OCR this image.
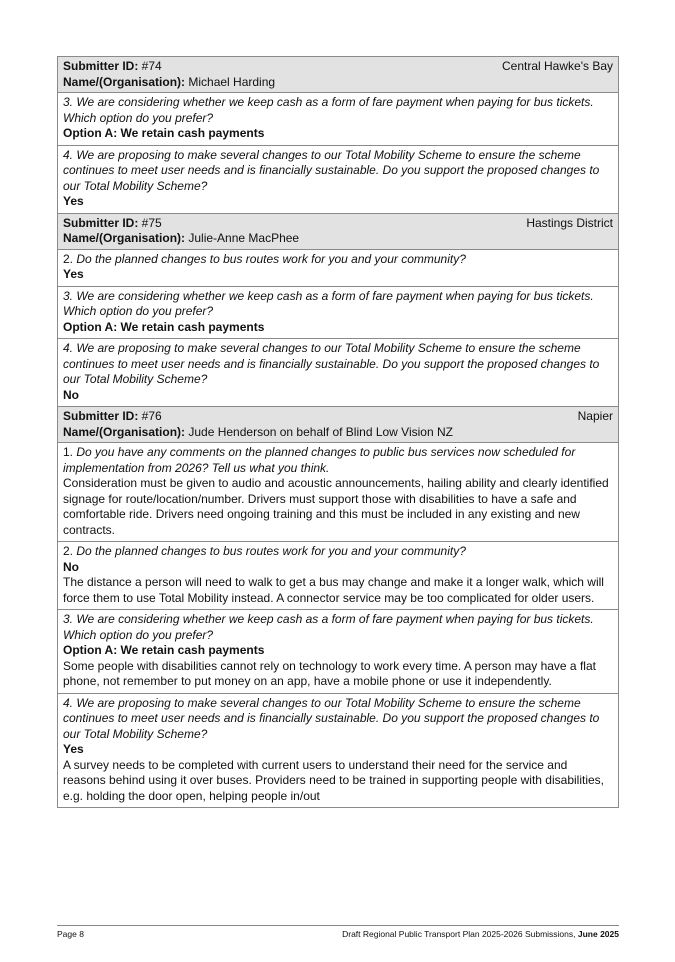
Submitter ID: #74	Central Hawke's Bay
Name/(Organisation): Michael Harding
3. We are considering whether we keep cash as a form of fare payment when paying for bus tickets. Which option do you prefer?
Option A: We retain cash payments
4. We are proposing to make several changes to our Total Mobility Scheme to ensure the scheme continues to meet user needs and is financially sustainable. Do you support the proposed changes to our Total Mobility Scheme?
Yes
Submitter ID: #75	Hastings District
Name/(Organisation): Julie-Anne MacPhee
2. Do the planned changes to bus routes work for you and your community?
Yes
3. We are considering whether we keep cash as a form of fare payment when paying for bus tickets. Which option do you prefer?
Option A: We retain cash payments
4. We are proposing to make several changes to our Total Mobility Scheme to ensure the scheme continues to meet user needs and is financially sustainable. Do you support the proposed changes to our Total Mobility Scheme?
No
Submitter ID: #76	Napier
Name/(Organisation): Jude Henderson on behalf of Blind Low Vision NZ
1. Do you have any comments on the planned changes to public bus services now scheduled for implementation from 2026? Tell us what you think.
Consideration must be given to audio and acoustic announcements, hailing ability and clearly identified signage for route/location/number. Drivers must support those with disabilities to have a safe and comfortable ride. Drivers need ongoing training and this must be included in any existing and new contracts.
2. Do the planned changes to bus routes work for you and your community?
No
The distance a person will need to walk to get a bus may change and make it a longer walk, which will force them to use Total Mobility instead. A connector service may be too complicated for older users.
3. We are considering whether we keep cash as a form of fare payment when paying for bus tickets. Which option do you prefer?
Option A: We retain cash payments
Some people with disabilities cannot rely on technology to work every time. A person may have a flat phone, not remember to put money on an app, have a mobile phone or use it independently.
4. We are proposing to make several changes to our Total Mobility Scheme to ensure the scheme continues to meet user needs and is financially sustainable. Do you support the proposed changes to our Total Mobility Scheme?
Yes
A survey needs to be completed with current users to understand their need for the service and reasons behind using it over buses. Providers need to be trained in supporting people with disabilities, e.g. holding the door open, helping people in/out
Page 8	Draft Regional Public Transport Plan 2025-2026 Submissions, June 2025
